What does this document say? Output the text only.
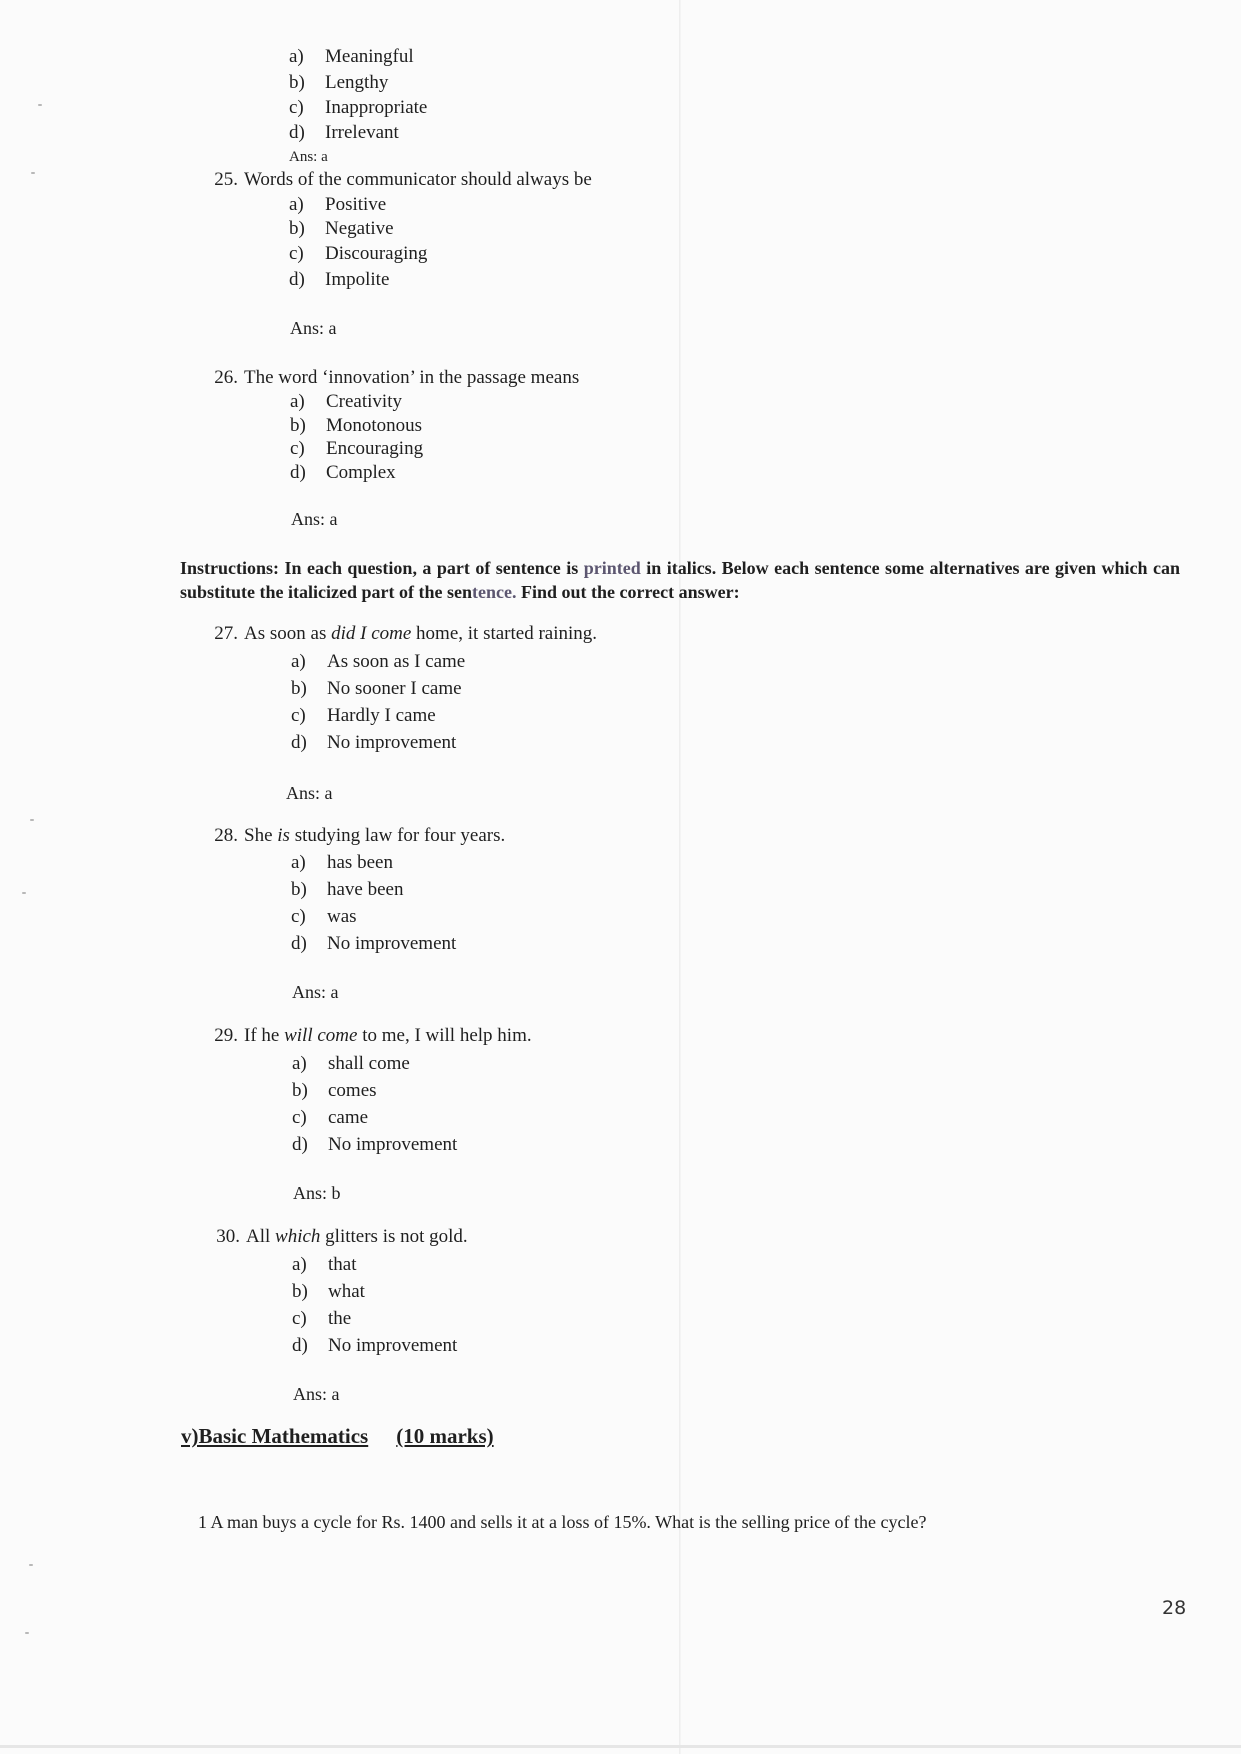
a) Meaningful
b) Lengthy
c) Inappropriate
d) Irrelevant
Ans: a
25. Words of the communicator should always be
a) Positive
b) Negative
c) Discouraging
d) Impolite
Ans: a
26. The word ‘innovation’ in the passage means
a) Creativity
b) Monotonous
c) Encouraging
d) Complex
Ans: a
Instructions: In each question, a part of sentence is printed in italics. Below each sentence some alternatives are given which can substitute the italicized part of the sentence. Find out the correct answer:
27. As soon as did I come home, it started raining.
a) As soon as I came
b) No sooner I came
c) Hardly I came
d) No improvement
Ans: a
28. She is studying law for four years.
a) has been
b) have been
c) was
d) No improvement
Ans: a
29. If he will come to me, I will help him.
a) shall come
b) comes
c) came
d) No improvement
Ans: b
30. All which glitters is not gold.
a) that
b) what
c) the
d) No improvement
Ans: a
v)Basic Mathematics (10 marks)
1 A man buys a cycle for Rs. 1400 and sells it at a loss of 15%. What is the selling price of the cycle?
28
